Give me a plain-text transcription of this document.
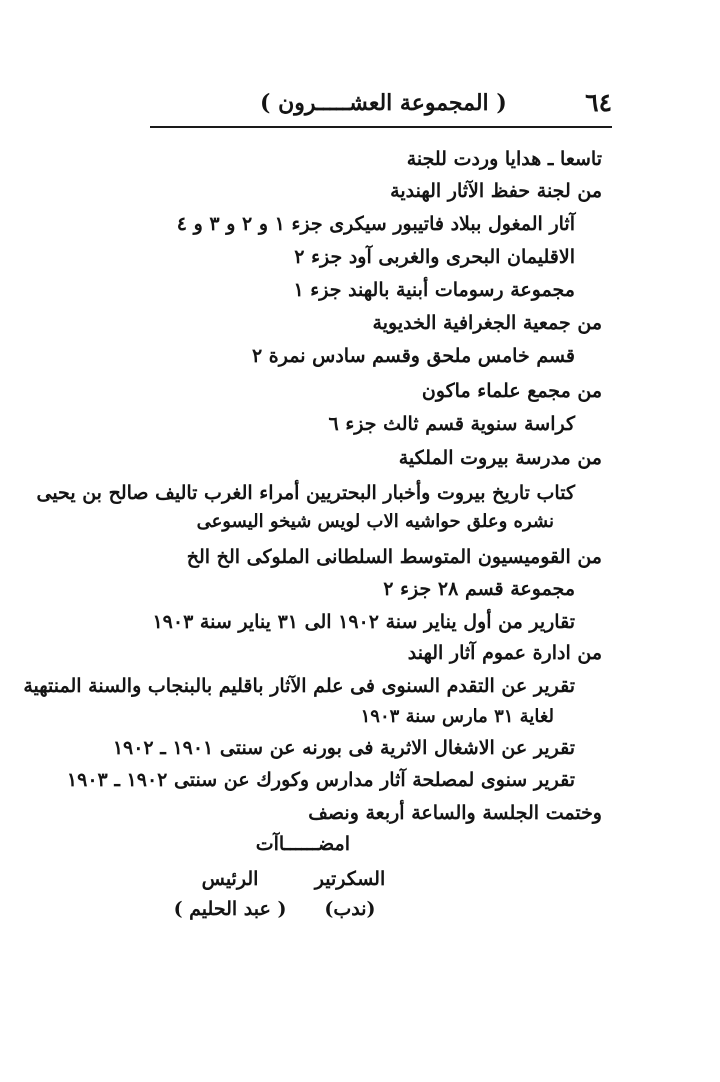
٦٤
( المجموعة العشـــــرون )
تاسعا ـ هدايا وردت للجنة
من لجنة حفظ الآثار الهندية
آثار المغول ببلاد فاتيبور سيكرى جزء ١ و ٢ و ٣ و ٤
الاقليمان البحرى والغربى آود جزء ٢
مجموعة رسومات أبنية بالهند جزء ١
من جمعية الجغرافية الخديوية
قسم خامس ملحق وقسم سادس نمرة ٢
من مجمع علماء ماكون
كراسة سنوية قسم ثالث جزء ٦
من مدرسة بيروت الملكية
كتاب تاريخ بيروت وأخبار البحتريين أمراء الغرب تاليف صالح بن يحيى
نشره وعلق حواشيه الاب لويس شيخو اليسوعى
من القوميسيون المتوسط السلطانى الملوكى الخ الخ
مجموعة قسم ٢٨ جزء ٢
تقارير من أول يناير سنة ١٩٠٢ الى ٣١ يناير سنة ١٩٠٣
من ادارة عموم آثار الهند
تقرير عن التقدم السنوى فى علم الآثار باقليم بالبنجاب والسنة المنتهية
لغاية ٣١ مارس سنة ١٩٠٣
تقرير عن الاشغال الاثرية فى بورنه عن سنتى ١٩٠١ ـ ١٩٠٢
تقرير سنوى لمصلحة آثار مدارس وكورك عن سنتى ١٩٠٢ ـ ١٩٠٣
وختمت الجلسة والساعة أربعة ونصف
امضــــــاآت
السكرتير
(ندب)
الرئيس
( عبد الحليم )
